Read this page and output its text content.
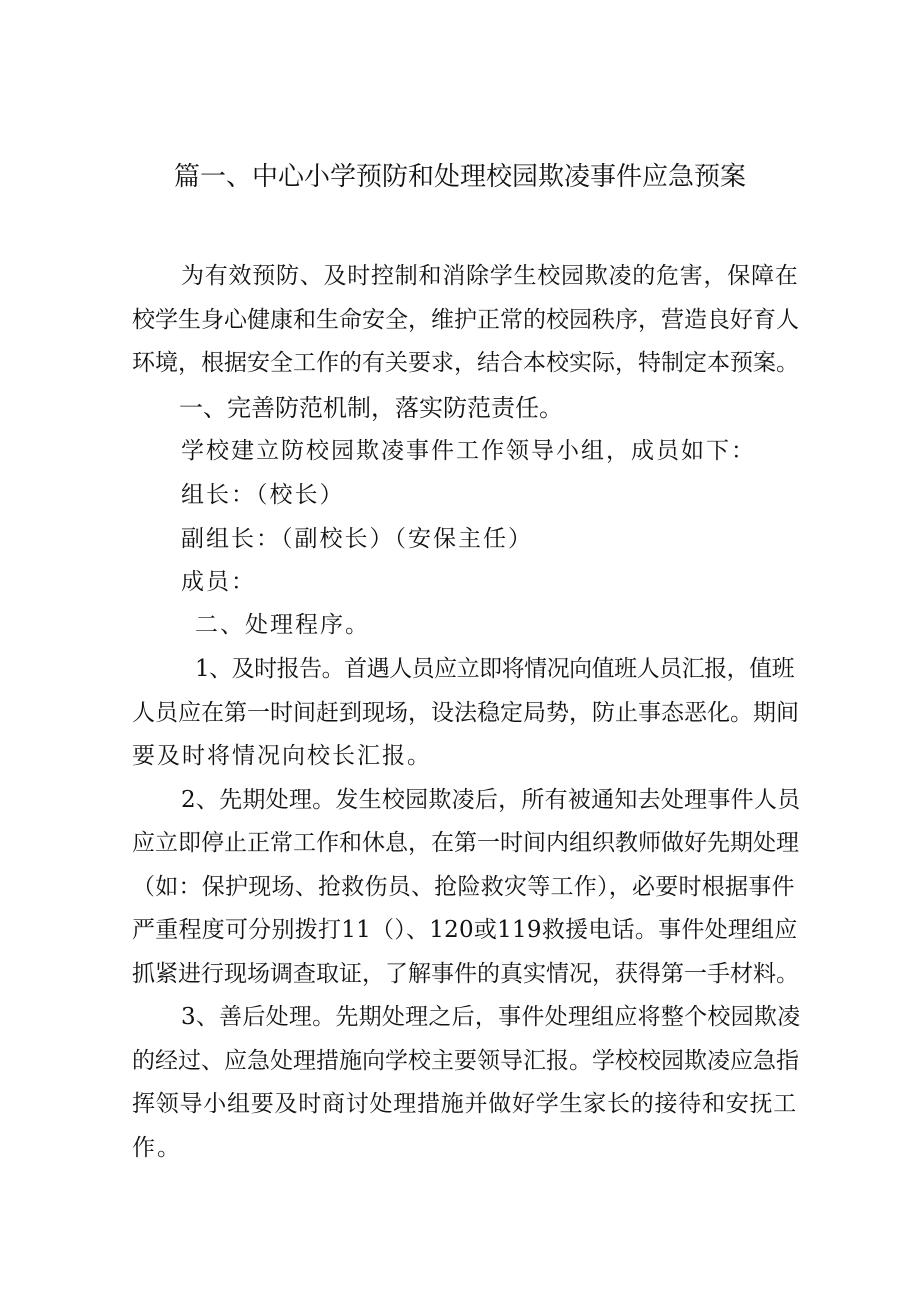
篇一、中心小学预防和处理校园欺凌事件应急预案

为有效预防、及时控制和消除学生校园欺凌的危害，保障在

校学生身心健康和生命安全，维护正常的校园秩序，营造良好育人

环境，根据安全工作的有关要求，结合本校实际，特制定本预案。

一、完善防范机制，落实防范责任。

学校建立防校园欺凌事件工作领导小组，成员如下：

组长：（校长）

副组长：（副校长）（安保主任）

成员：

二、处理程序。

1、及时报告。首遇人员应立即将情况向值班人员汇报，值班

人员应在第一时间赶到现场，设法稳定局势，防止事态恶化。期间

要及时将情况向校长汇报。

2、先期处理。发生校园欺凌后，所有被通知去处理事件人员

应立即停止正常工作和休息，在第一时间内组织教师做好先期处理

（如：保护现场、抢救伤员、抢险救灾等工作），必要时根据事件

严重程度可分别拨打11（）、120或119救援电话。事件处理组应

抓紧进行现场调查取证，了解事件的真实情况，获得第一手材料。

3、善后处理。先期处理之后，事件处理组应将整个校园欺凌

的经过、应急处理措施向学校主要领导汇报。学校校园欺凌应急指

挥领导小组要及时商讨处理措施并做好学生家长的接待和安抚工

作。
